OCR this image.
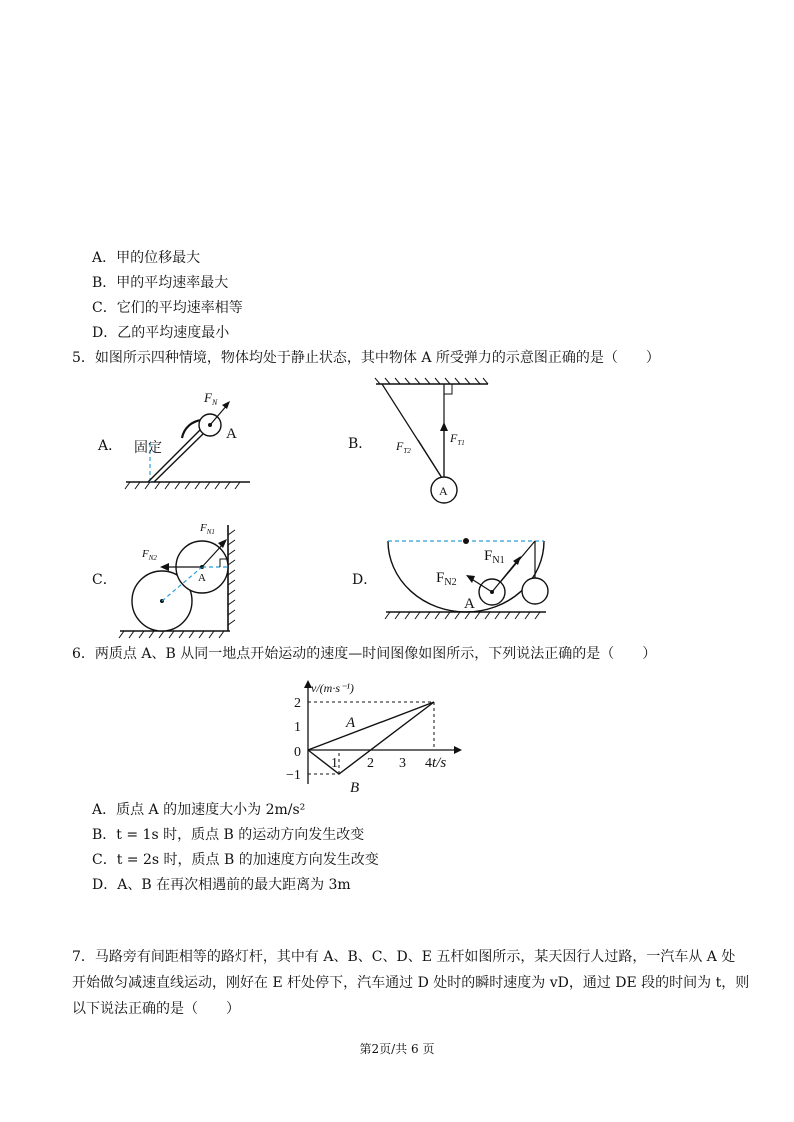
A．甲的位移最大
B．甲的平均速率最大
C．它们的平均速率相等
D．乙的平均速度最小
5．如图所示四种情境，物体均处于静止状态，其中物体 A 所受弹力的示意图正确的是（　　）
A． 固定
$F_N$
A
B．
A
$F_{T1}$
$F_{T2}$
C．	A
$F_{N1}$
$F_{N2}$
D．
A
$F_{N1}$
$F_{N2}$
6．两质点 A、B 从同一地点开始运动的速度—时间图像如图所示，下列说法正确的是（　　）
v/(m·s⁻¹)
t/s
2
1
0
−1
1 2 3 4
A
B
A．质点 A 的加速度大小为 2m/s²
B．t = 1s 时，质点 B 的运动方向发生改变
C．t = 2s 时，质点 B 的加速度方向发生改变
D．A、B 在再次相遇前的最大距离为 3m
7．马路旁有间距相等的路灯杆，其中有 A、B、C、D、E 五杆如图所示，某天因行人过路，一汽车从 A 处
开始做匀减速直线运动，刚好在 E 杆处停下，汽车通过 D 处时的瞬时速度为 vD，通过 DE 段的时间为 t，则
以下说法正确的是（　　）
第2页/共 6 页
